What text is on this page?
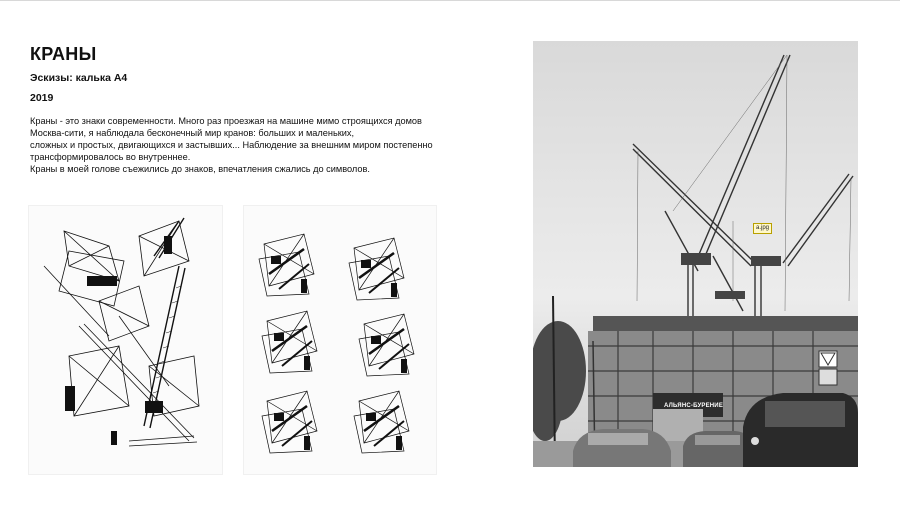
КРАНЫ
Эскизы: калька А4
2019
Краны - это знаки современности. Много раз проезжая на машине мимо строящихся домов
Москва-сити, я наблюдала бесконечный мир кранов: больших и маленьких,
сложных и простых, двигающихся и застывших... Наблюдение за внешним миром постепенно
трансформировалось во внутреннее.
Краны в моей голове съежились до знаков, впечатления сжались до символов.
АЛЬЯНС-БУРЕНИЕ
a.jpg
